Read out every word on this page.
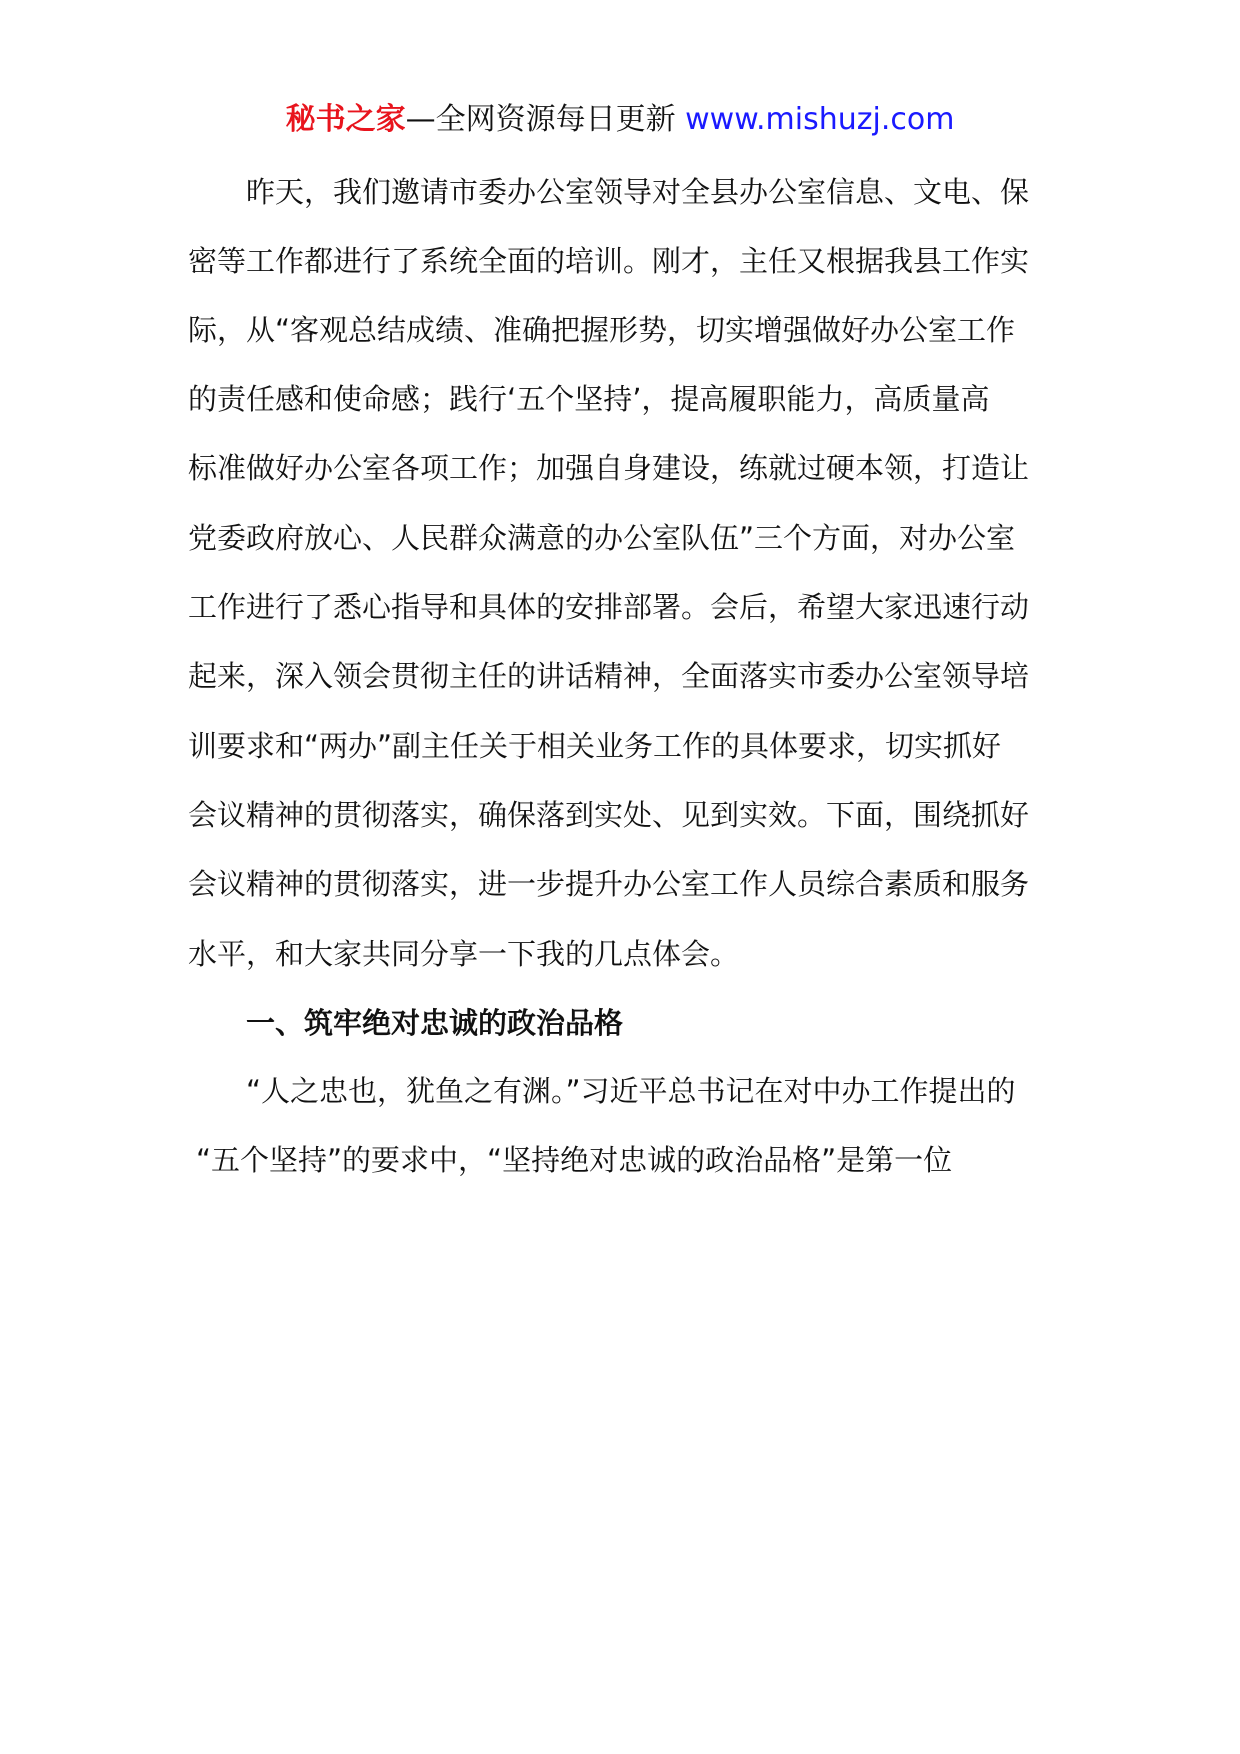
秘书之家—全网资源每日更新 www.mishuzj.com
昨天，我们邀请市委办公室领导对全县办公室信息、文电、保
密等工作都进行了系统全面的培训。刚才，主任又根据我县工作实
际，从“客观总结成绩、准确把握形势，切实增强做好办公室工作
的责任感和使命感；践行‘五个坚持’，提高履职能力，高质量高
标准做好办公室各项工作；加强自身建设，练就过硬本领，打造让
党委政府放心、人民群众满意的办公室队伍”三个方面，对办公室
工作进行了悉心指导和具体的安排部署。会后，希望大家迅速行动
起来，深入领会贯彻主任的讲话精神，全面落实市委办公室领导培
训要求和“两办”副主任关于相关业务工作的具体要求，切实抓好
会议精神的贯彻落实，确保落到实处、见到实效。下面，围绕抓好
会议精神的贯彻落实，进一步提升办公室工作人员综合素质和服务
水平，和大家共同分享一下我的几点体会。
一、筑牢绝对忠诚的政治品格
“人之忠也，犹鱼之有渊。”习近平总书记在对中办工作提出的
“五个坚持”的要求中，“坚持绝对忠诚的政治品格”是第一位
